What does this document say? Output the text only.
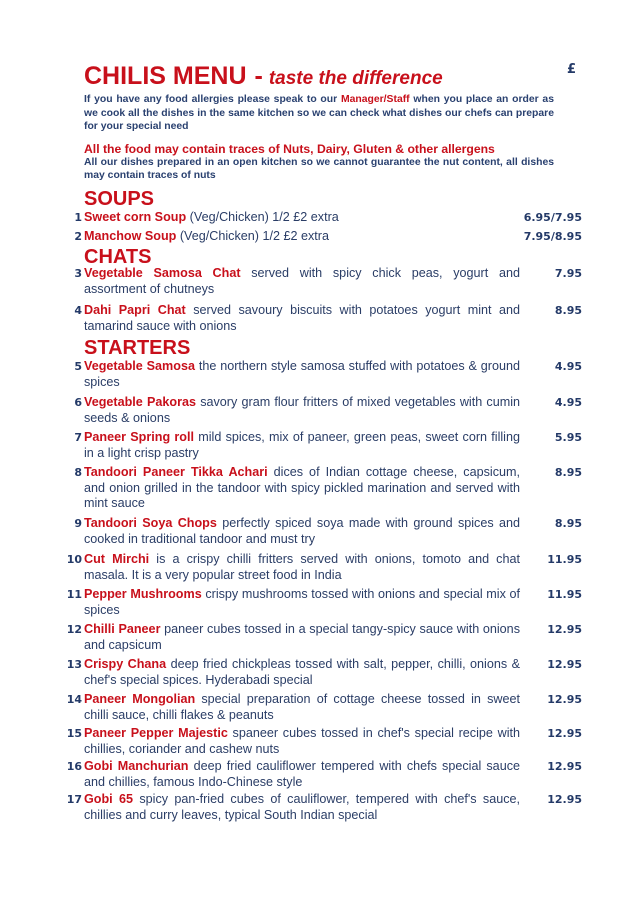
£
CHILIS MENU - taste the difference
If you have any food allergies please speak to our Manager/Staff when you place an order as we cook all the dishes in the same kitchen so we can check what dishes our chefs can prepare for your special need
All the food may contain traces of Nuts, Dairy, Gluten & other allergens
All our dishes prepared in an open kitchen so we cannot guarantee the nut content, all dishes may contain traces of nuts
SOUPS
1 Sweet corn Soup (Veg/Chicken) 1/2 £2 extra	6.95/7.95
2 Manchow Soup (Veg/Chicken) 1/2 £2 extra	7.95/8.95
CHATS
3 Vegetable Samosa Chat served with spicy chick peas, yogurt and assortment of chutneys
7.95
4 Dahi Papri Chat served savoury biscuits with potatoes yogurt mint and tamarind sauce with onions
8.95
STARTERS
5 Vegetable Samosa the northern style samosa stuffed with potatoes & ground spices
4.95
6 Vegetable Pakoras savory gram flour fritters of mixed vegetables with cumin seeds & onions
4.95
7 Paneer Spring roll mild spices, mix of paneer, green peas, sweet corn filling in a light crisp pastry
5.95
8 Tandoori Paneer Tikka Achari dices of Indian cottage cheese, capsicum, and onion grilled in the tandoor with spicy pickled marination and served with mint sauce
8.95
9 Tandoori Soya Chops perfectly spiced soya made with ground spices and cooked in traditional tandoor and must try
8.95
10 Cut Mirchi is a crispy chilli fritters served with onions, tomoto and chat masala. It is a very popular street food in India
11.95
11 Pepper Mushrooms crispy mushrooms tossed with onions and special mix of spices
11.95
12 Chilli Paneer paneer cubes tossed in a special tangy-spicy sauce with onions and capsicum
12.95
13 Crispy Chana deep fried chickpleas tossed with salt, pepper, chilli, onions & chef's special spices. Hyderabadi special
12.95
14 Paneer Mongolian special preparation of cottage cheese tossed in sweet chilli sauce, chilli flakes & peanuts
12.95
15 Paneer Pepper Majestic spaneer cubes tossed in chef's special recipe with chillies, coriander and cashew nuts
12.95
16 Gobi Manchurian deep fried cauliflower tempered with chefs special sauce and chillies, famous Indo-Chinese style
12.95
17 Gobi 65 spicy pan-fried cubes of cauliflower, tempered with chef's sauce, chillies and curry leaves, typical South Indian special
12.95
